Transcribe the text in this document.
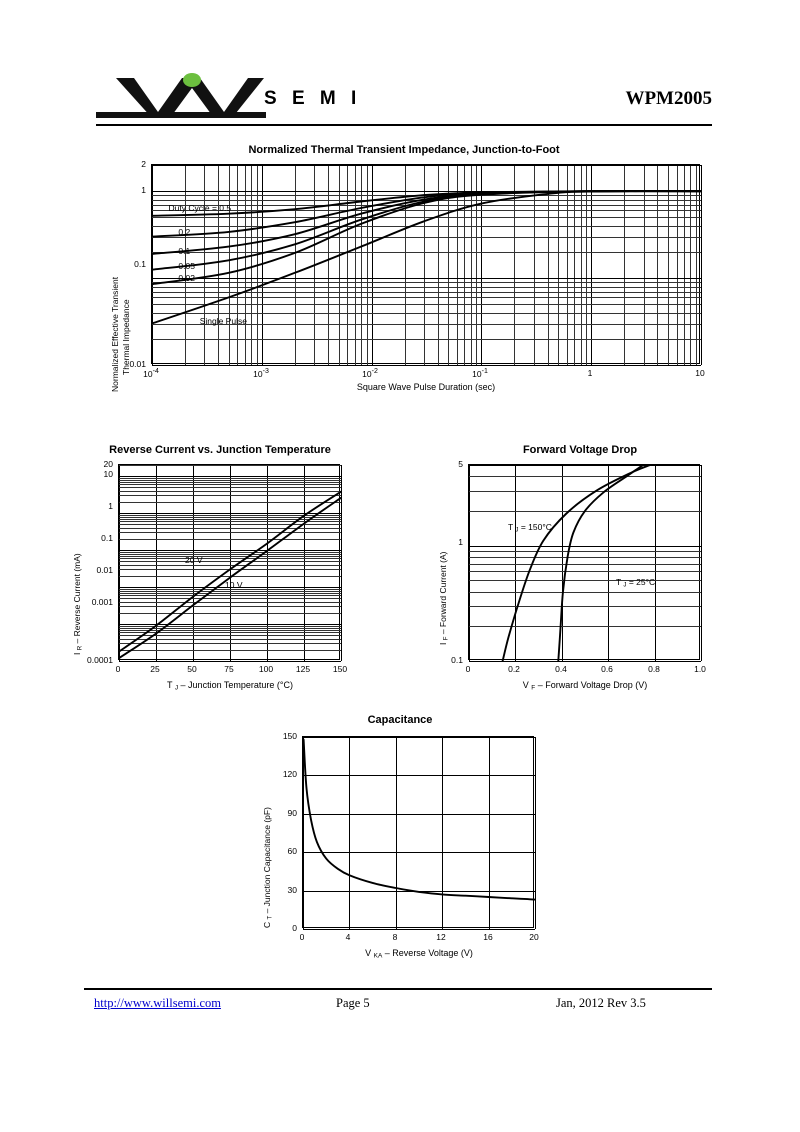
S E M I	WPM2005
Normalized Thermal Transient Impedance, Junction-to-Foot
Normalized Effective Transient Thermal Impedance
Duty Cycle = 0.5
0.2
0.1
0.05
0.02
Single Pulse
$10^{-4}$	$10^{-3}$	$10^{-2}$	$10^{-1}$	1	10
2
1
0.1
0.01
Square Wave Pulse Duration (sec)
Reverse Current vs. Junction Temperature
I $_R$ – Reverse Current (mA)
0	25	50	75	100	125	150
20
10
1
0.1
0.01
0.001
0.0001
20 V
10 V
T $_J$ – Junction Temperature (°C)
Forward Voltage Drop
I $_F$ – Forward Current (A)
0	0.2	0.4	0.6	0.8	1.0
5
1
0.1
T $_J$ = 150°C
T $_J$ = 25°C
V $_F$ – Forward Voltage Drop (V)
Capacitance
C $_T$ – Junction Capacitance (pF)
0	4	8	12	16	20
150
120
90
60
30
0
V $_{KA}$ – Reverse Voltage (V)
http://www.willsemi.com	Page 5	Jan, 2012 Rev 3.5
